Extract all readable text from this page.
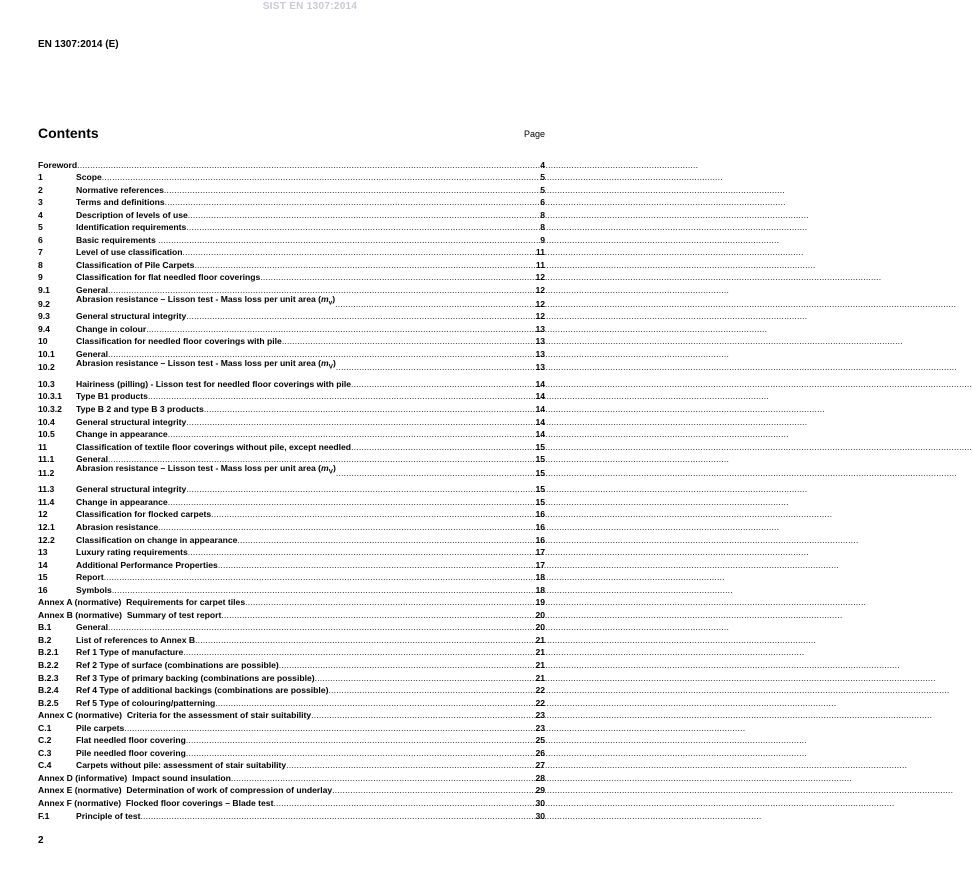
SIST EN 1307:2014
EN 1307:2014 (E)
Contents	Page
Foreword .....	4
1	Scope .....	5
2	Normative references .....	5
3	Terms and definitions .....	6
4	Description of levels of use .....	8
5	Identification requirements .....	8
6	Basic requirements .....	9
7	Level of use classification .....	11
8	Classification of Pile Carpets .....	11
9	Classification for flat needled floor coverings .....	12
9.1	General .....	12
9.2	Abrasion resistance – Lisson test - Mass loss per unit area $(m_v)$ .....	12
9.3	General structural integrity .....	12
9.4	Change in colour .....	13
10	Classification for needled floor coverings with pile .....	13
10.1	General .....	13
10.2	Abrasion resistance – Lisson test - Mass loss per unit area $(m_V)$ .....	13
10.3	Hairiness (pilling) - Lisson test for needled floor coverings with pile .....	14
10.3.1	Type B1 products .....	14
10.3.2	Type B 2 and type B 3 products .....	14
10.4	General structural integrity .....	14
10.5	Change in appearance .....	14
11	Classification of textile floor coverings without pile, except needled .....	15
11.1	General .....	15
11.2	Abrasion resistance – Lisson test - Mass loss per unit area $(m_V)$ .....	15
11.3	General structural integrity .....	15
11.4	Change in appearance .....	15
12	Classification for flocked carpets .....	16
12.1	Abrasion resistance .....	16
12.2	Classification on change in appearance .....	16
13	Luxury rating requirements .....	17
14	Additional Performance Properties .....	17
15	Report .....	18
16	Symbols .....	18
Annex A (normative) Requirements for carpet tiles .....	19
Annex B (normative) Summary of test report .....	20
B.1	General .....	20
B.2	List of references to Annex B .....	21
B.2.1	Ref 1 Type of manufacture .....	21
B.2.2	Ref 2 Type of surface (combinations are possible) .....	21
B.2.3	Ref 3 Type of primary backing (combinations are possible) .....	21
B.2.4	Ref 4 Type of additional backings (combinations are possible) .....	22
B.2.5	Ref 5 Type of colouring/patterning .....	22
Annex C (normative) Criteria for the assessment of stair suitability .....	23
C.1	Pile carpets .....	23
C.2	Flat needled floor covering .....	25
C.3	Pile needled floor covering .....	26
C.4	Carpets without pile: assessment of stair suitability .....	27
Annex D (informative) Impact sound insulation .....	28
Annex E (normative) Determination of work of compression of underlay .....	29
Annex F (normative) Flocked floor coverings – Blade test .....	30
F.1	Principle of test .....	30
2
